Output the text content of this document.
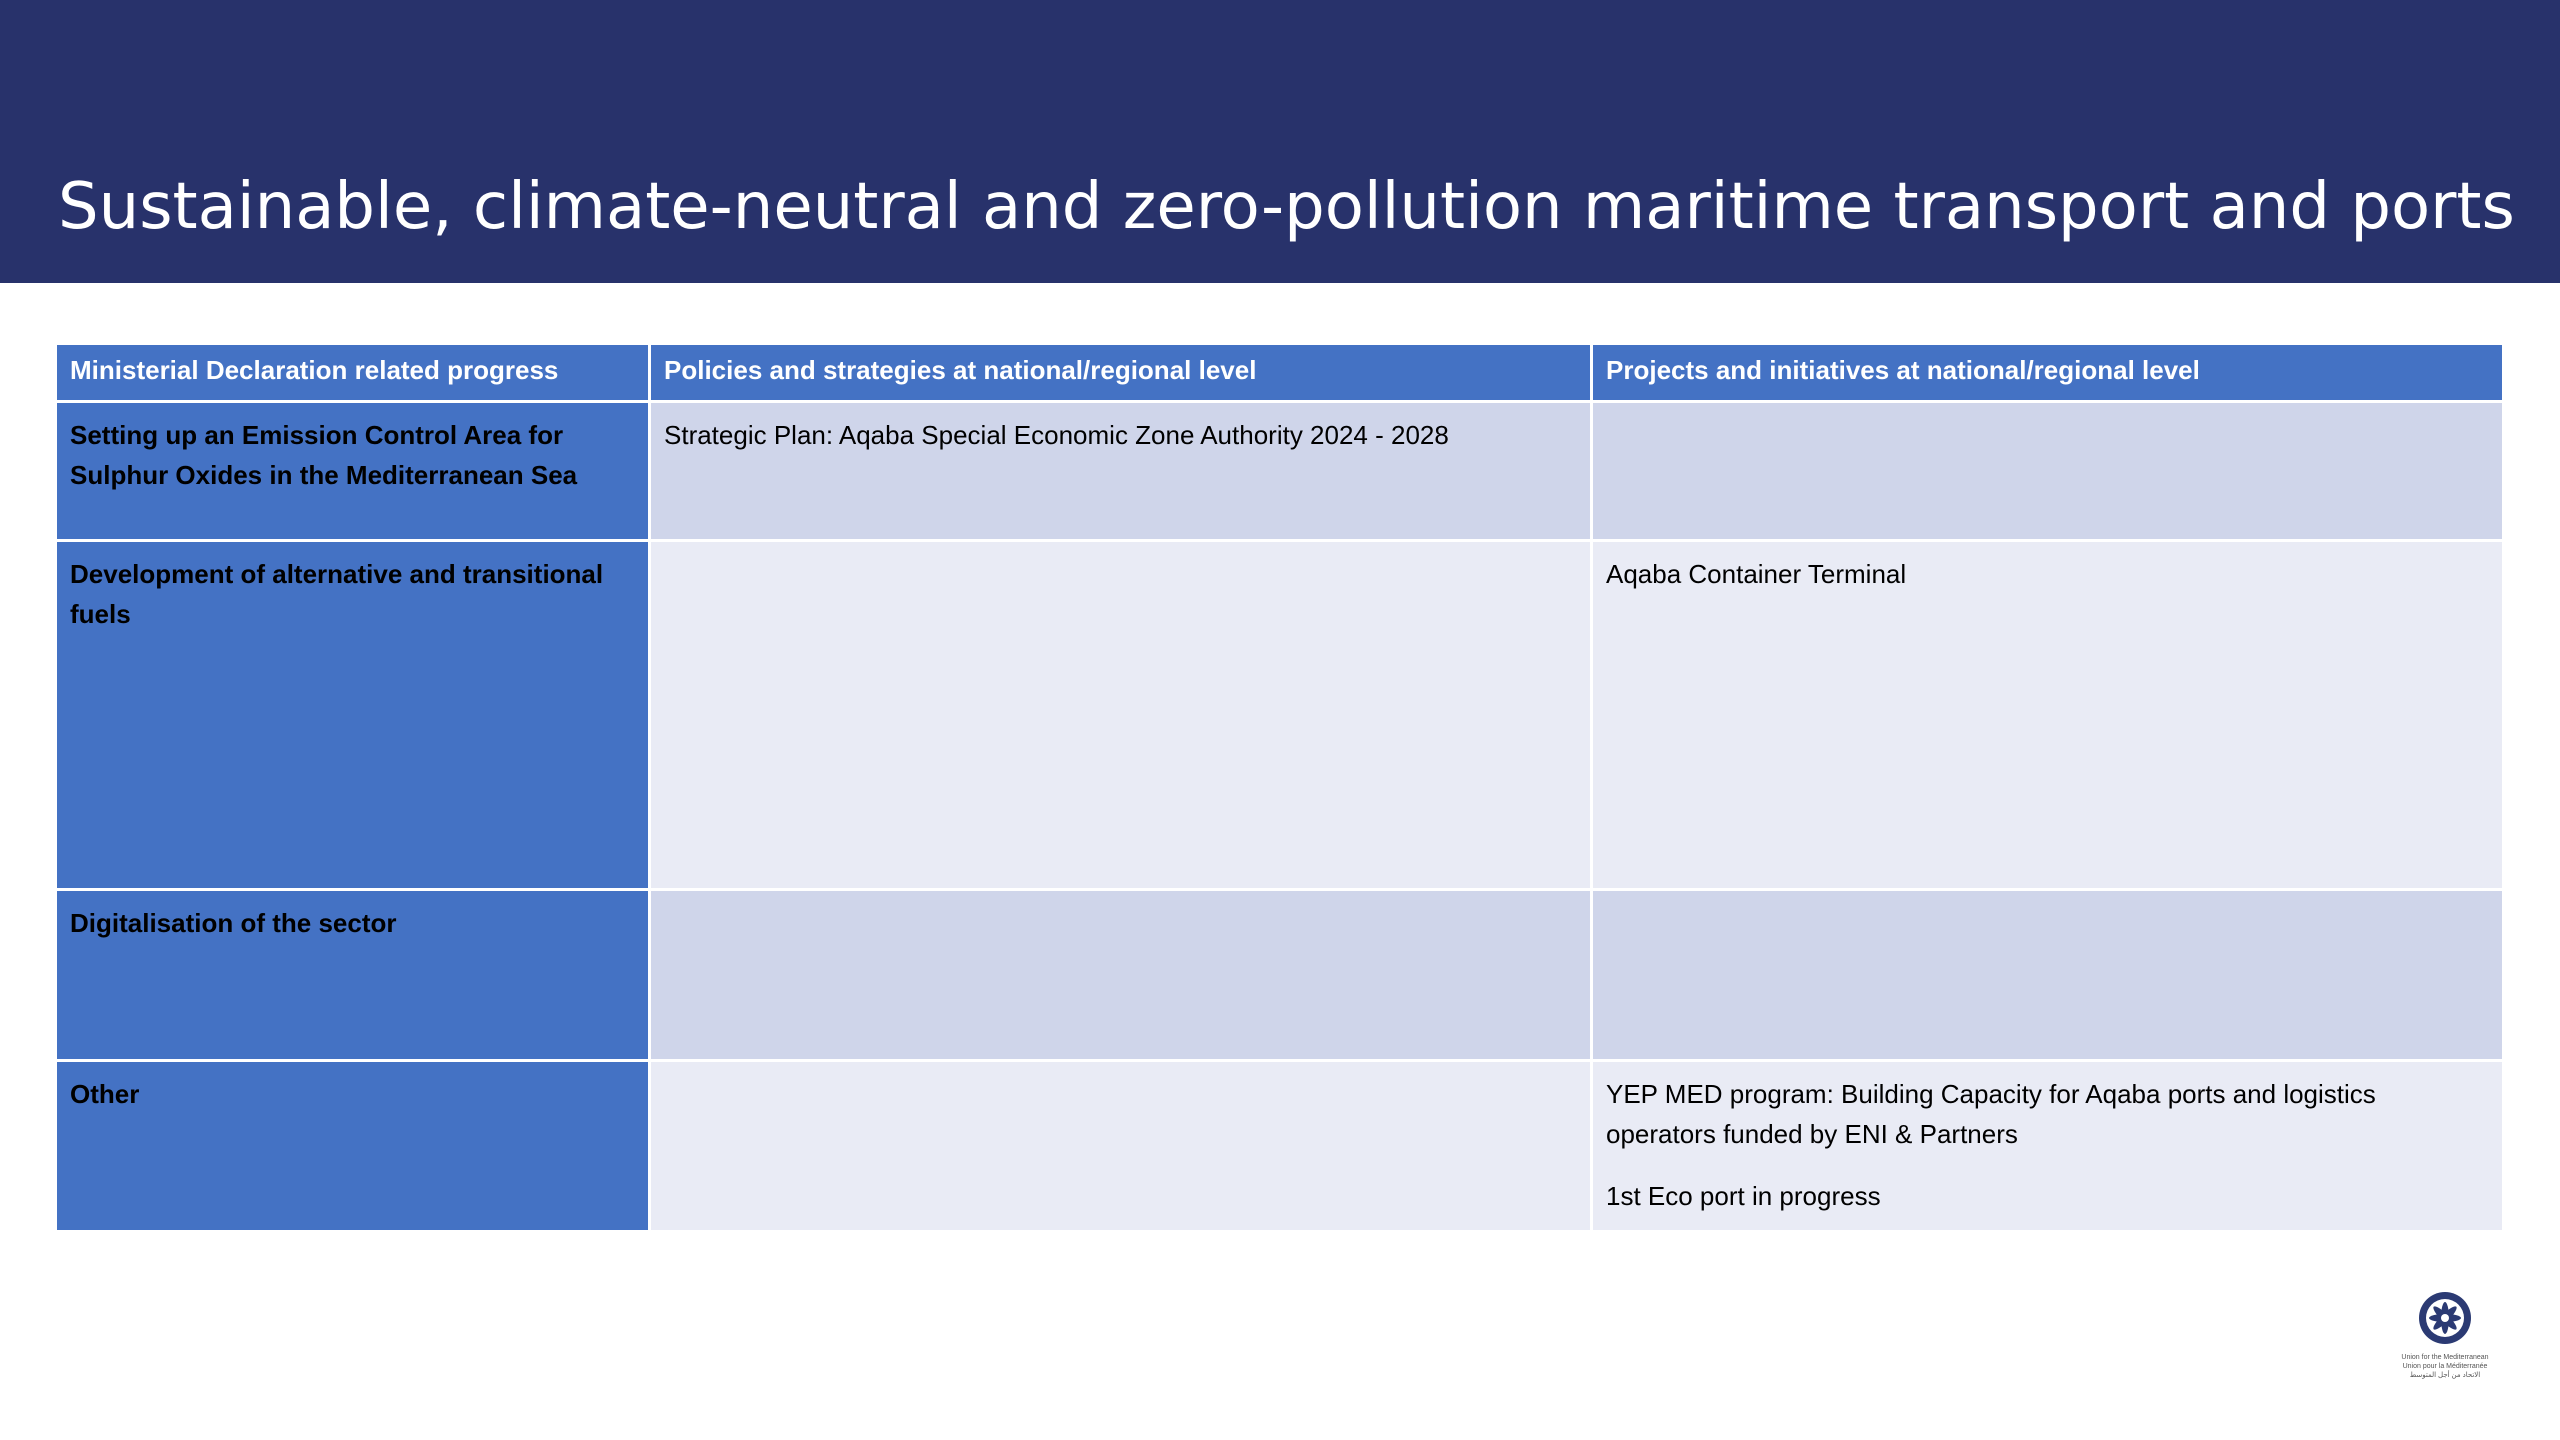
Sustainable, climate-neutral and zero-pollution maritime transport and ports
Ministerial Declaration related progress	Policies and strategies at national/regional level	Projects and initiatives at national/regional level
Setting up an Emission Control Area for Sulphur Oxides in the Mediterranean Sea	Strategic Plan: Aqaba Special Economic Zone Authority 2024 - 2028	
Development of alternative and transitional fuels		Aqaba Container Terminal
Digitalisation of the sector		
Other		YEP MED program: Building Capacity for Aqaba ports and logistics operators funded by ENI & Partners
1st Eco port in progress
Union for the Mediterranean
Union pour la Méditerranée
الاتحاد من أجل المتوسط
